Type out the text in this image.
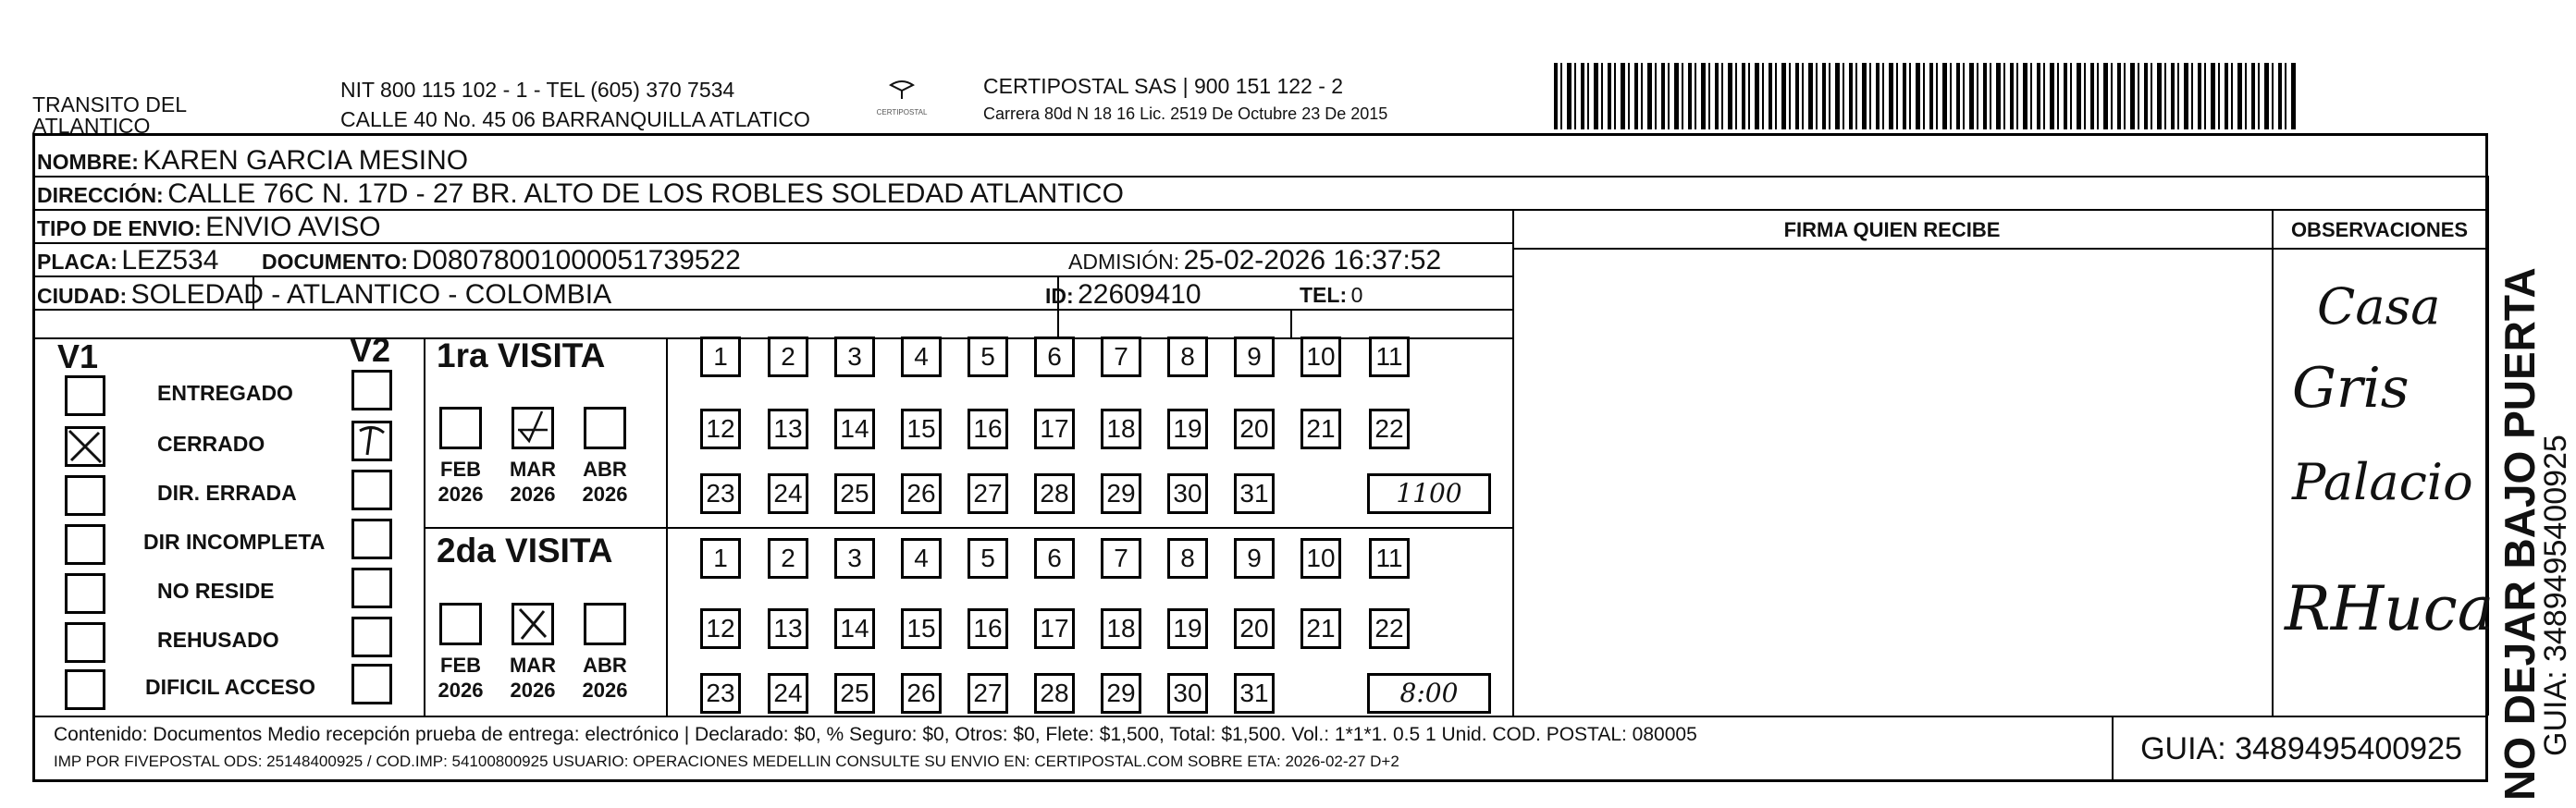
TRANSITO DEL
ATLANTICO
NIT 800 115 102 - 1 - TEL (605) 370 7534
CALLE 40 No. 45 06 BARRANQUILLA ATLATICO	CERTIPOSTAL
CERTIPOSTAL SAS | 900 151 122 - 2
Carrera 80d N 18 16 Lic. 2519 De Octubre 23 De 2015
NOMBRE: KAREN GARCIA MESINO
DIRECCIÓN: CALLE 76C N. 17D - 27 BR. ALTO DE LOS ROBLES SOLEDAD ATLANTICO
TIPO DE ENVIO: ENVIO AVISO
PLACA: LEZ534 DOCUMENTO: D08078001000051739522	ADMISIÓN: 25-02-2026 16:37:52
CIUDAD: SOLEDAD - ATLANTICO - COLOMBIA	ID: 22609410	TEL: 0
FIRMA QUIEN RECIBE	OBSERVACIONES
V1	V2
ENTREGADO
CERRADO
DIR. ERRADA
DIR INCOMPLETA
NO RESIDE
REHUSADO
DIFICIL ACCESO
1ra VISITA
2da VISITA
FEB
2026
MAR
2026
ABR
2026
1	2	3	4	5	6	7	8	9	10 11
12 13 14 15 16 17 18 19 20 21 22
23 24 25 26 27 28 29 30 31	1100
FEB
2026
MAR
2026
ABR
2026
1	2	3	4	5	6	7	8	9	10 11
12 13 14 15 16 17 18 19 20 21 22
23 24 25 26 27 28 29 30 31	8:00
Casa
Gris
Palacio
RHuca
Contenido: Documentos Medio recepción prueba de entrega: electrónico | Declarado: $0, % Seguro: $0, Otros: $0, Flete: $1,500, Total: $1,500. Vol.: 1*1*1. 0.5 1 Unid. COD. POSTAL: 080005
IMP POR FIVEPOSTAL ODS: 25148400925 / COD.IMP: 54100800925 USUARIO: OPERACIONES MEDELLIN CONSULTE SU ENVIO EN: CERTIPOSTAL.COM SOBRE ETA: 2026-02-27 D+2	GUIA: 3489495400925 NO DEJAR BAJO PUERTA
GUIA: 3489495400925
